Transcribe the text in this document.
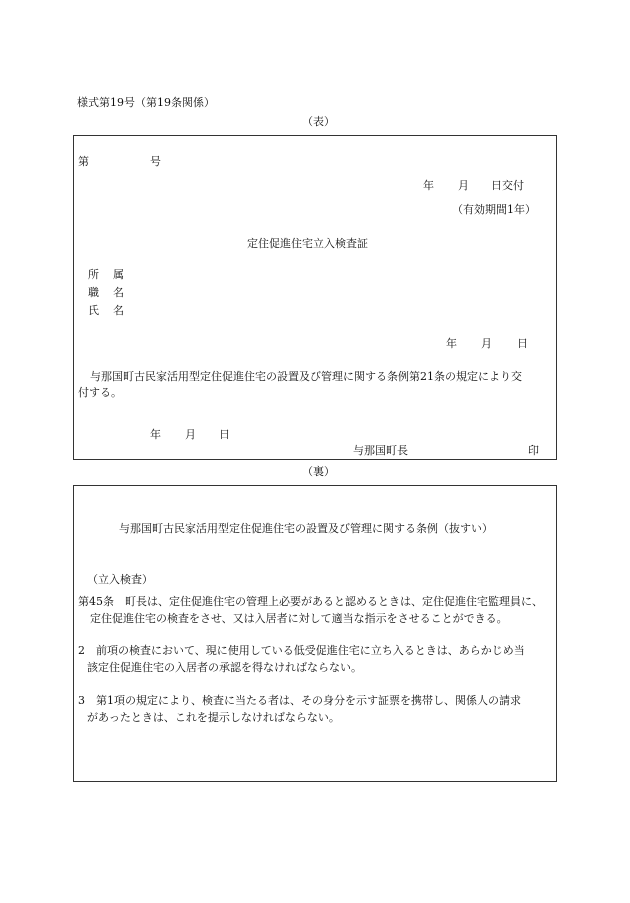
様式第19号（第19条関係）
（表）
第	号
年 月 日交付
（有効期間1年）
定住促進住宅立入検査証
所 属
職 名
氏 名
年 月 日
与那国町古民家活用型定住促進住宅の設置及び管理に関する条例第21条の規定により交
付する。
年 月 日
与那国町長	印
（裏）
与那国町古民家活用型定住促進住宅の設置及び管理に関する条例（抜すい）
（立入検査）
第45条　町長は、定住促進住宅の管理上必要があると認めるときは、定住促進住宅監理員に、
定住促進住宅の検査をさせ、又は入居者に対して適当な指示をさせることができる。
2　前項の検査において、現に使用している低受促進住宅に立ち入るときは、あらかじめ当
該定住促進住宅の入居者の承認を得なければならない。
3　第1項の規定により、検査に当たる者は、その身分を示す証票を携帯し、関係人の請求
があったときは、これを提示しなければならない。
